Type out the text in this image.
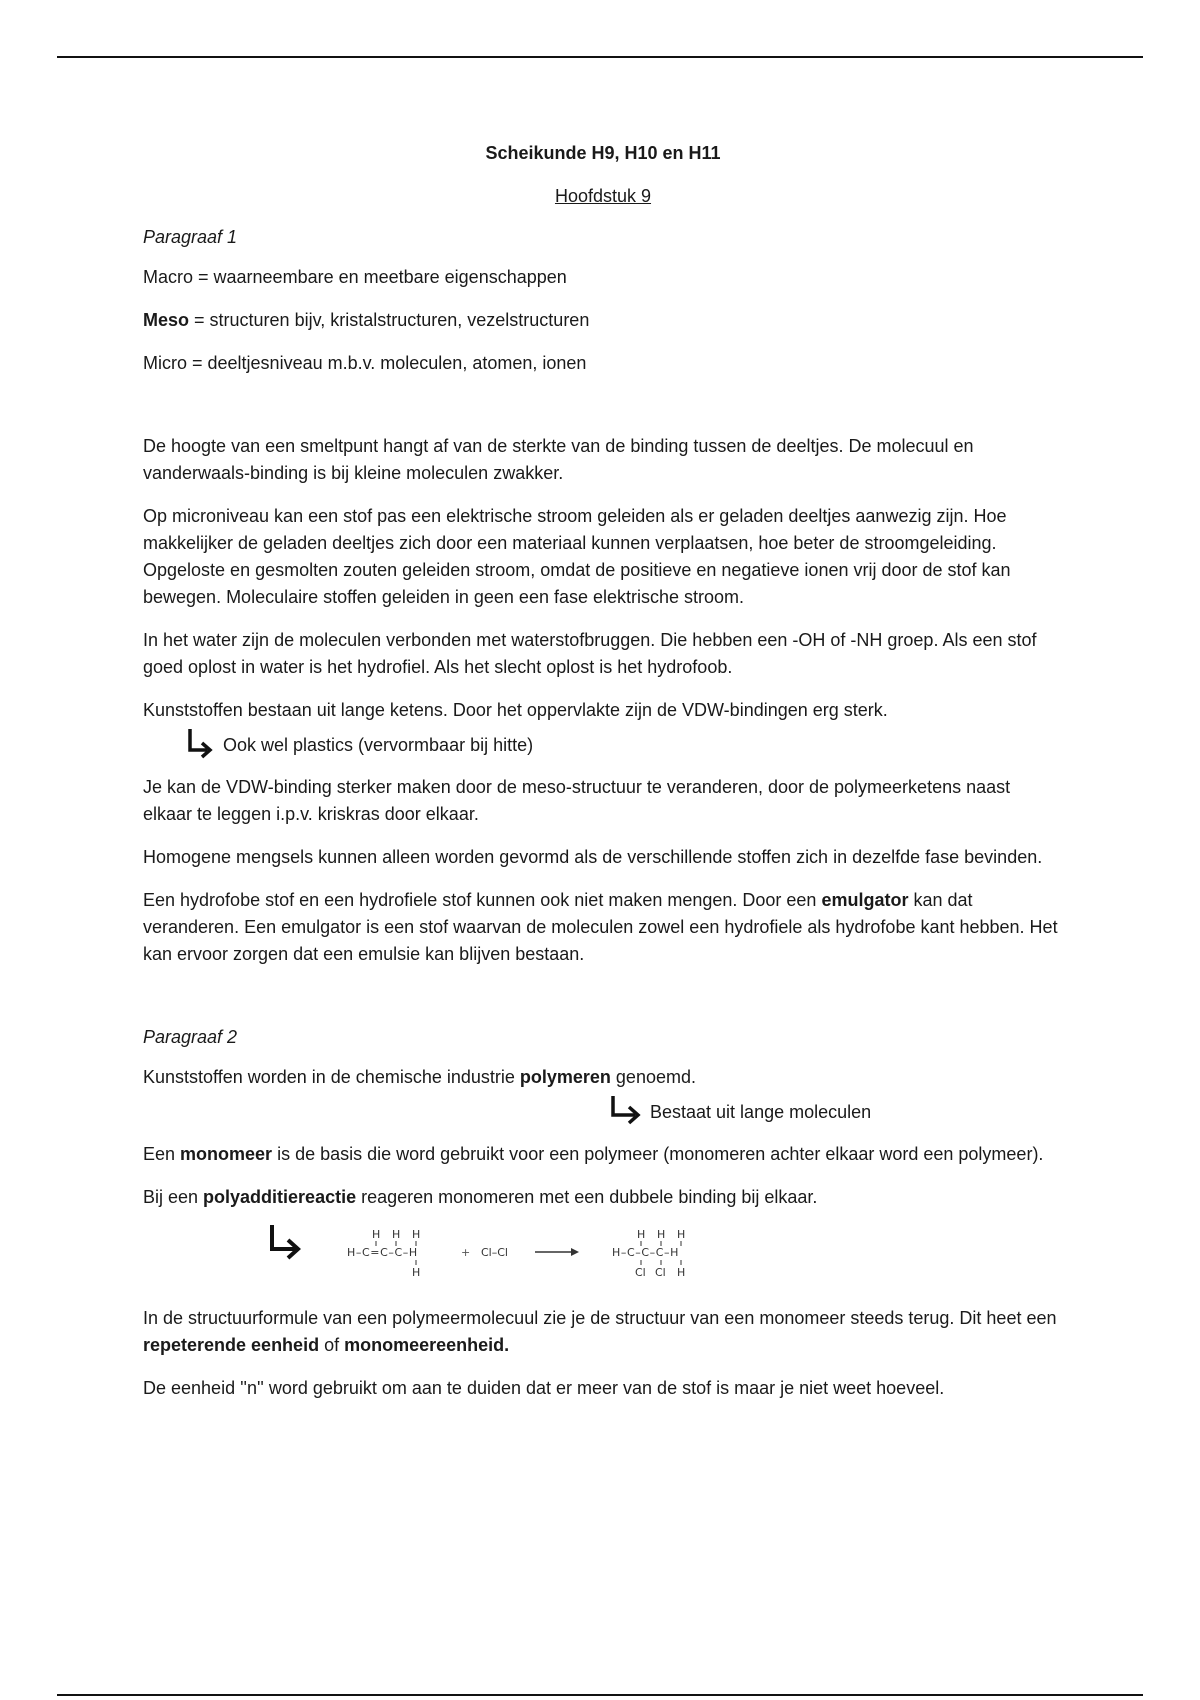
Scheikunde H9, H10 en H11
Hoofdstuk 9
Paragraaf 1
Macro = waarneembare en meetbare eigenschappen
Meso = structuren bijv, kristalstructuren, vezelstructuren
Micro = deeltjesniveau m.b.v. moleculen, atomen, ionen

De hoogte van een smeltpunt hangt af van de sterkte van de binding tussen de deeltjes. De molecuul en vanderwaals-binding is bij kleine moleculen zwakker.

Op microniveau kan een stof pas een elektrische stroom geleiden als er geladen deeltjes aanwezig zijn. Hoe makkelijker de geladen deeltjes zich door een materiaal kunnen verplaatsen, hoe beter de stroomgeleiding. Opgeloste en gesmolten zouten geleiden stroom, omdat de positieve en negatieve ionen vrij door de stof kan bewegen. Moleculaire stoffen geleiden in geen een fase elektrische stroom.

In het water zijn de moleculen verbonden met waterstofbruggen. Die hebben een -OH of -NH groep. Als een stof goed oplost in water is het hydrofiel. Als het slecht oplost is het hydrofoob.

Kunststoffen bestaan uit lange ketens. Door het oppervlakte zijn de VDW-bindingen erg sterk.

Ook wel plastics (vervormbaar bij hitte)

Je kan de VDW-binding sterker maken door de meso-structuur te veranderen, door de polymeerketens naast elkaar te leggen i.p.v. kriskras door elkaar.

Homogene mengsels kunnen alleen worden gevormd als de verschillende stoffen zich in dezelfde fase bevinden.

Een hydrofobe stof en een hydrofiele stof kunnen ook niet maken mengen. Door een emulgator kan dat veranderen. Een emulgator is een stof waarvan de moleculen zowel een hydrofiele als hydrofobe kant hebben. Het kan ervoor zorgen dat een emulsie kan blijven bestaan.

Paragraaf 2
Kunststoffen worden in de chemische industrie polymeren genoemd.
Bestaat uit lange moleculen

Een monomeer is de basis die word gebruikt voor een polymeer (monomeren achter elkaar word een polymeer).

Bij een polyadditiereactie reageren monomeren met een dubbele binding bij elkaar.

H H H
H–C=C–C–H
H
+ Cl–Cl
H H H
H–C–C–C–H
Cl Cl H

In de structuurformule van een polymeermolecuul zie je de structuur van een monomeer steeds terug. Dit heet een repeterende eenheid of monomeereenheid.

De eenheid ''n'' word gebruikt om aan te duiden dat er meer van de stof is maar je niet weet hoeveel.
